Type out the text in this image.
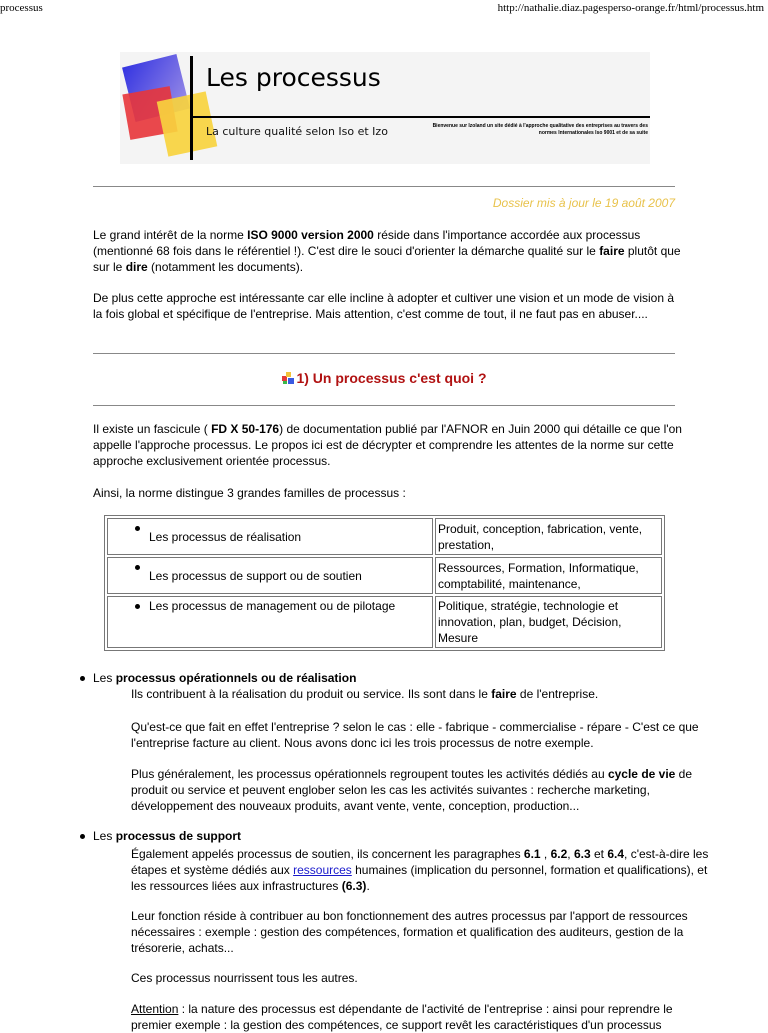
processus	http://nathalie.diaz.pagesperso-orange.fr/html/processus.htm
Les processus
La culture qualité selon Iso et Izo	Bienvenue sur Izoland un site dédié à l'approche qualitative des entreprises au travers des normes Internationales Iso 9001 et de sa suite
Dossier mis à jour le 19 août 2007
Le grand intérêt de la norme ISO 9000 version 2000 réside dans l'importance accordée aux processus (mentionné 68 fois dans le référentiel !). C'est dire le souci d'orienter la démarche qualité sur le faire plutôt que sur le dire (notamment les documents).
De plus cette approche est intéressante car elle incline à adopter et cultiver une vision et un mode de vision à la fois global et spécifique de l'entreprise. Mais attention, c'est comme de tout, il ne faut pas en abuser....
1) Un processus c'est quoi ?
Il existe un fascicule ( FD X 50-176) de documentation publié par l'AFNOR en Juin 2000 qui détaille ce que l'on appelle l'approche processus. Le propos ici est de décrypter et comprendre les attentes de la norme sur cette approche exclusivement orientée processus.
Ainsi, la norme distingue 3 grandes familles de processus :
Les processus de réalisation	Produit, conception, fabrication, vente, prestation,

Les processus de support ou de soutien	Ressources, Formation, Informatique, comptabilité, maintenance,

Les processus de management ou de pilotage	Politique, stratégie, technologie et innovation, plan, budget, Décision, Mesure
Les processus opérationnels ou de réalisation
Ils contribuent à la réalisation du produit ou service. Ils sont dans le faire de l'entreprise.
Qu'est-ce que fait en effet l'entreprise ? selon le cas : elle - fabrique - commercialise - répare - C'est ce que l'entreprise facture au client. Nous avons donc ici les trois processus de notre exemple.
Plus généralement, les processus opérationnels regroupent toutes les activités dédiés au cycle de vie de produit ou service et peuvent englober selon les cas les activités suivantes : recherche marketing, développement des nouveaux produits, avant vente, vente, conception, production...
Les processus de support
Également appelés processus de soutien, ils concernent les paragraphes 6.1 , 6.2, 6.3 et 6.4, c'est-à-dire les étapes et système dédiés aux ressources humaines (implication du personnel, formation et qualifications), et les ressources liées aux infrastructures (6.3).
Leur fonction réside à contribuer au bon fonctionnement des autres processus par l'apport de ressources nécessaires : exemple : gestion des compétences, formation et qualification des auditeurs, gestion de la trésorerie, achats...
Ces processus nourrissent tous les autres.
Attention : la nature des processus est dépendante de l'activité de l'entreprise : ainsi pour reprendre le premier exemple : la gestion des compétences, ce support revêt les caractéristiques d'un processus
